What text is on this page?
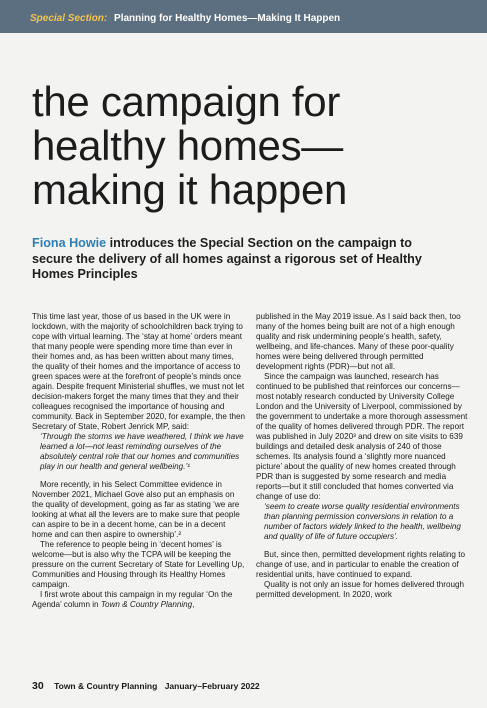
Special Section: Planning for Healthy Homes—Making It Happen
the campaign for
healthy homes—
making it happen

Fiona Howie introduces the Special Section on the campaign to secure the delivery of all homes against a rigorous set of Healthy Homes Principles

This time last year, those of us based in the UK were in lockdown, with the majority of schoolchildren back trying to cope with virtual learning. The ‘stay at home’ orders meant that many people were spending more time than ever in their homes and, as has been written about many times, the quality of their homes and the importance of access to green spaces were at the forefront of people’s minds once again. Despite frequent Ministerial shuffles, we must not let decision-makers forget the many times that they and their colleagues recognised the importance of housing and community. Back in September 2020, for example, the then Secretary of State, Robert Jenrick MP, said:

‘Through the storms we have weathered, I think we have learned a lot—not least reminding ourselves of the absolutely central role that our homes and communities play in our health and general wellbeing.’¹

More recently, in his Select Committee evidence in November 2021, Michael Gove also put an emphasis on the quality of development, going as far as stating ‘we are looking at what all the levers are to make sure that people can aspire to be in a decent home, can be in a decent home and can then aspire to ownership’.²

The reference to people being in ‘decent homes’ is welcome—but is also why the TCPA will be keeping the pressure on the current Secretary of State for Levelling Up, Communities and Housing through its Healthy Homes campaign.

I first wrote about this campaign in my regular ‘On the Agenda’ column in Town & Country Planning,

published in the May 2019 issue. As I said back then, too many of the homes being built are not of a high enough quality and risk undermining people’s health, safety, wellbeing, and life-chances. Many of these poor-quality homes were being delivered through permitted development rights (PDR)—but not all.

Since the campaign was launched, research has continued to be published that reinforces our concerns—most notably research conducted by University College London and the University of Liverpool, commissioned by the government to undertake a more thorough assessment of the quality of homes delivered through PDR. The report was published in July 2020³ and drew on site visits to 639 buildings and detailed desk analysis of 240 of those schemes. Its analysis found a ‘slightly more nuanced picture’ about the quality of new homes created through PDR than is suggested by some research and media reports—but it still concluded that homes converted via change of use do:

‘seem to create worse quality residential environments than planning permission conversions in relation to a number of factors widely linked to the health, wellbeing and quality of life of future occupiers’.

But, since then, permitted development rights relating to change of use, and in particular to enable the creation of residential units, have continued to expand.

Quality is not only an issue for homes delivered through permitted development. In 2020, work

30 Town & Country Planning January–February 2022
